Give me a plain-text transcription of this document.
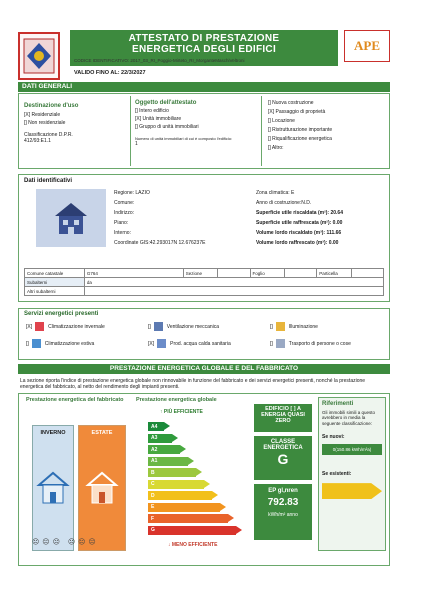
ATTESTATO DI PRESTAZIONE
ENERGETICA DEGLI EDIFICI
CODICE IDENTIFICATIVO: 2017_03_RI_Poggio-Mirteto_RI_MorganteMaschiVeltroni
VALIDO FINO AL: 22/3/2027
APE
DATI GENERALI
Destinazione d'uso
[X] Residenziale
[] Non residenziale
Classificazione D.P.R. 412/93:E1.1
Oggetto dell'attestato
[] Intero edificio
[X] Unità immobiliare
[] Gruppo di unità immobiliari
Numero di unità immobiliari di cui è composto l'edificio:
1
[] Nuova costruzione
[X] Passaggio di proprietà
[] Locazione
[] Ristrutturazione importante
[] Riqualificazione energetica
[] Altro:
Dati identificativi
Regione: LAZIO
Comune:
Indirizzo:
Piano:
Interno:
Coordinate GIS:42.293017N 12.676237E
Zona climatica: E
Anno di costruzione:N.D.
Superficie utile riscaldata (m²): 20.64
Superficie utile raffrescata (m²): 0.00
Volume lordo riscaldato (m³): 111.66
Volume lordo raffrescato (m³): 0.00
Comune catastale	G764	Sezione		Foglio		Particella	
Subalterni	da						
Altri subalterni							
Servizi energetici presenti
[X]	Climatizzazione invernale	[]	Ventilazione meccanica	[]	Illuminazione
[]	Climatizzazione estiva	[X]	Prod. acqua calda sanitaria	[]	Trasporto di persone o cose
PRESTAZIONE ENERGETICA GLOBALE E DEL FABBRICATO
La sezione riporta l'indice di prestazione energetica globale non rinnovabile in funzione del fabbricato e dei servizi energetici presenti, nonché la prestazione energetica del fabbricato, al netto del rendimento degli impianti presenti.
Prestazione energetica del fabbricato
INVERNO	ESTATE
☹☹☹ ☹☹☹
Prestazione energetica globale
↑ PIÙ EFFICIENTE
A4
A3
A2
A1
B
C
D
E
F
G
↓ MENO EFFICIENTE
EDIFICIO [ ] A ENERGIA QUASI ZERO
CLASSE ENERGETICA
G
EP gl,nren
792.83
kWh/m² anno
Riferimenti
Gli immobili simili a questo avrebbero in media la seguente classificazione:
Se nuovi:
0(150.86 kWh/m²a)
Se esistenti:
